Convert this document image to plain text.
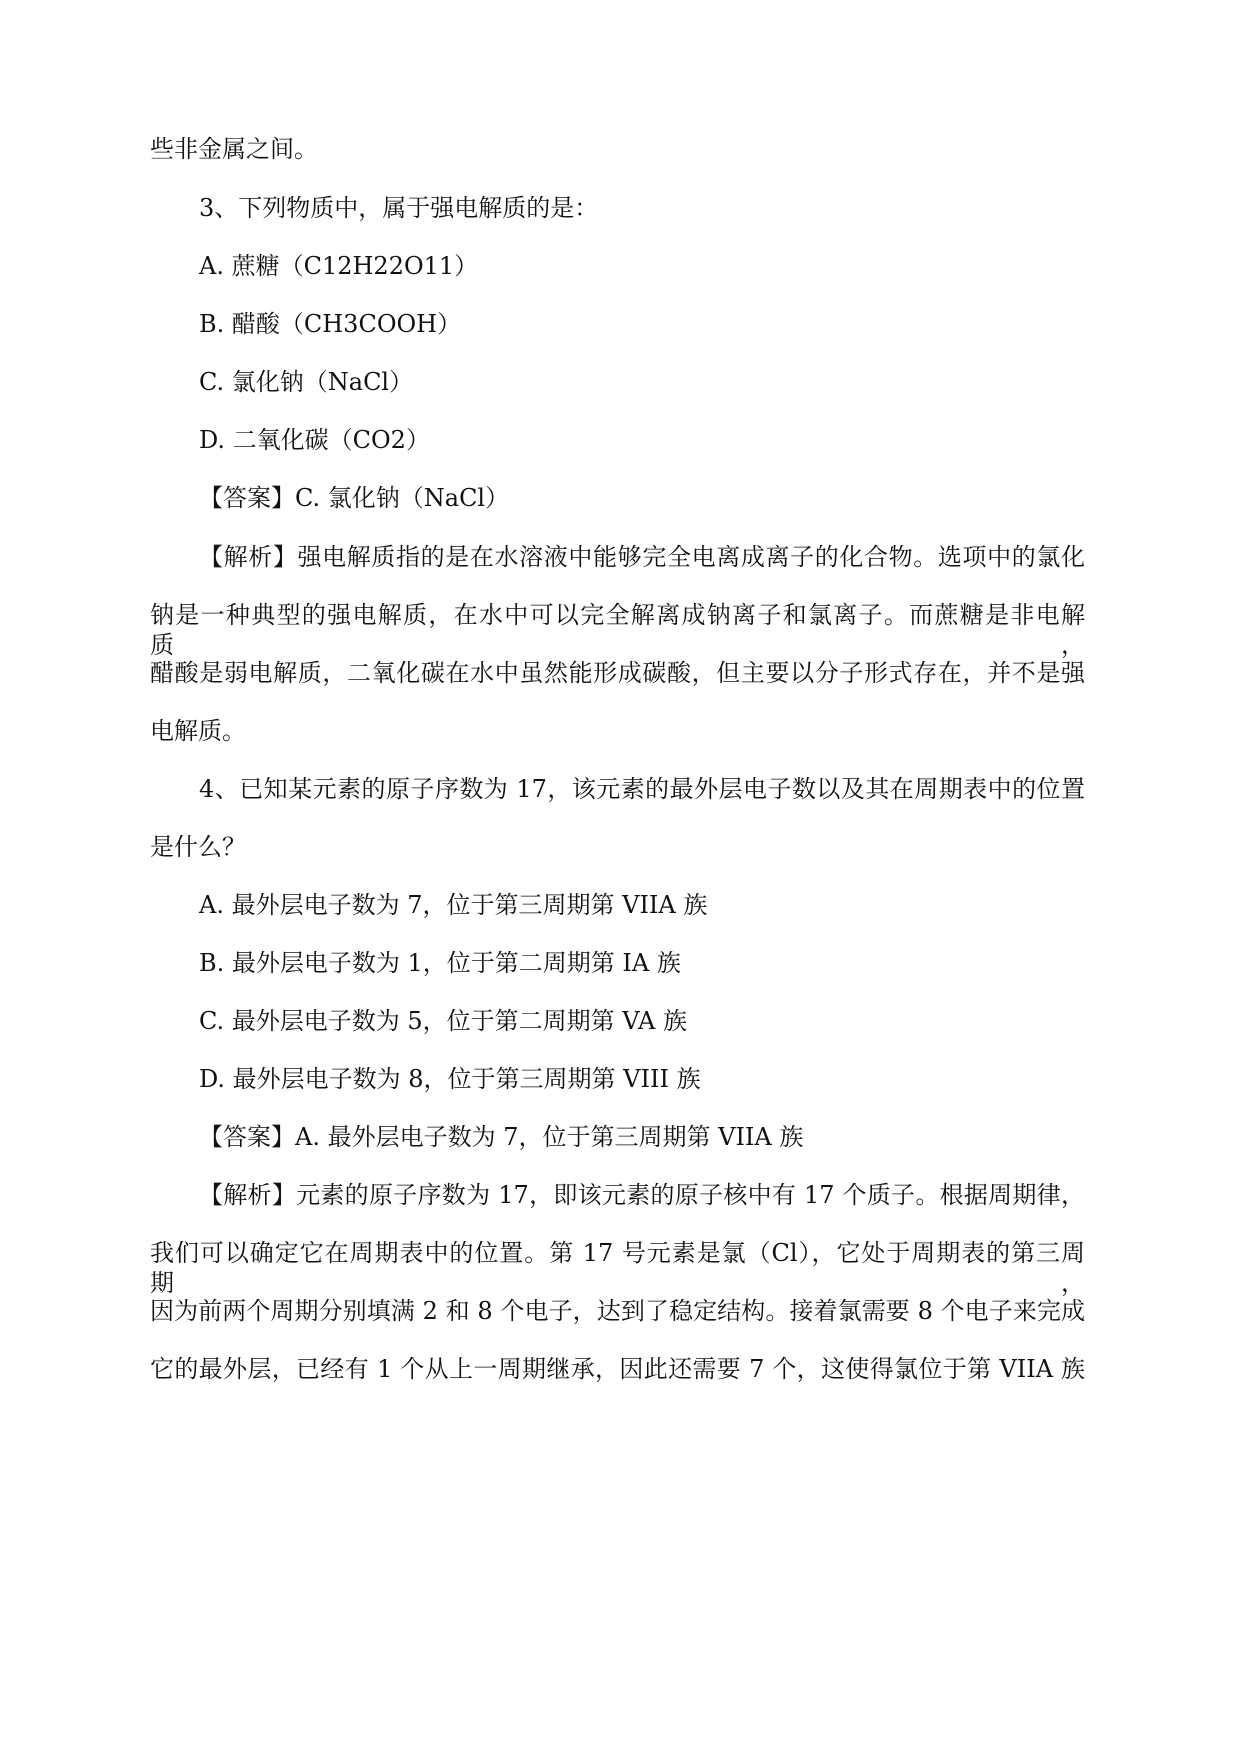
些非金属之间。
3、下列物质中，属于强电解质的是：
A. 蔗糖（C12H22O11）
B. 醋酸（CH3COOH）
C. 氯化钠（NaCl）
D. 二氧化碳（CO2）
【答案】C. 氯化钠（NaCl）
【解析】强电解质指的是在水溶液中能够完全电离成离子的化合物。选项中的氯化
钠是一种典型的强电解质，在水中可以完全解离成钠离子和氯离子。而蔗糖是非电解质，
醋酸是弱电解质，二氧化碳在水中虽然能形成碳酸，但主要以分子形式存在，并不是强
电解质。
4、已知某元素的原子序数为 17，该元素的最外层电子数以及其在周期表中的位置
是什么？
A. 最外层电子数为 7，位于第三周期第 VIIA 族
B. 最外层电子数为 1，位于第二周期第 IA 族
C. 最外层电子数为 5，位于第二周期第 VA 族
D. 最外层电子数为 8，位于第三周期第 VIII 族
【答案】A. 最外层电子数为 7，位于第三周期第 VIIA 族
【解析】元素的原子序数为 17，即该元素的原子核中有 17 个质子。根据周期律，
我们可以确定它在周期表中的位置。第 17 号元素是氯（Cl），它处于周期表的第三周期，
因为前两个周期分别填满 2 和 8 个电子，达到了稳定结构。接着氯需要 8 个电子来完成
它的最外层，已经有 1 个从上一周期继承，因此还需要 7 个，这使得氯位于第 VIIA 族
